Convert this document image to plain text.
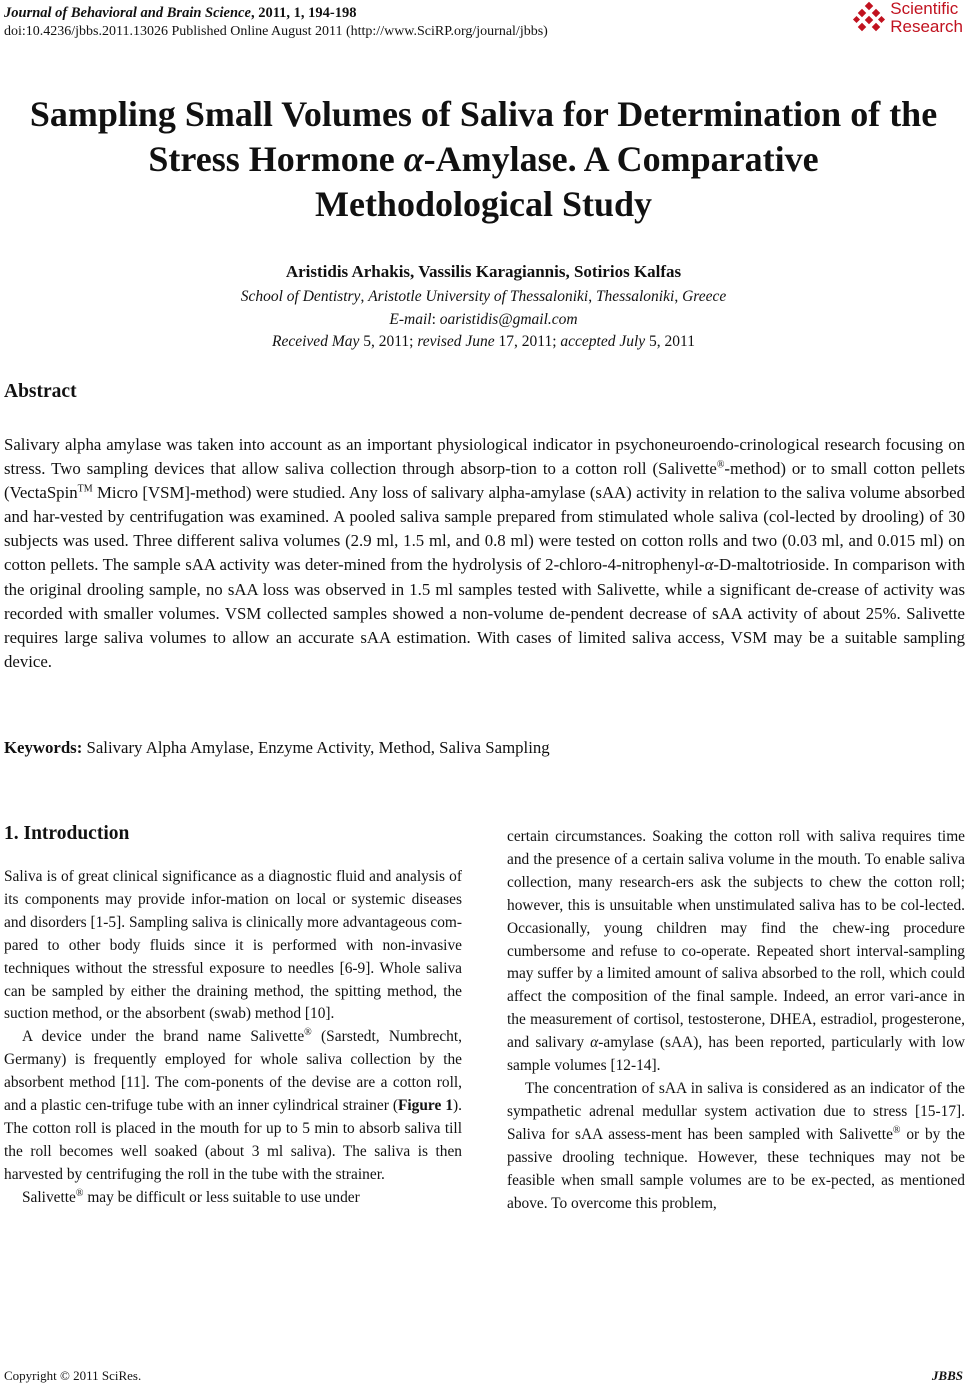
Journal of Behavioral and Brain Science, 2011, 1, 194-198

doi:10.4236/jbbs.2011.13026 Published Online August 2011 (http://www.SciRP.org/journal/jbbs)

Scientific
Research
Sampling Small Volumes of Saliva for Determination of the
Stress Hormone α-Amylase. A Comparative
Methodological Study

Aristidis Arhakis, Vassilis Karagiannis, Sotirios Kalfas

School of Dentistry, Aristotle University of Thessaloniki, Thessaloniki, Greece

E-mail: oaristidis@gmail.com

Received May 5, 2011; revised June 17, 2011; accepted July 5, 2011

Abstract

Salivary alpha amylase was taken into account as an important physiological indicator in psychoneuroendo-crinological research focusing on stress. Two sampling devices that allow saliva collection through absorp-tion to a cotton roll (Salivette®-method) or to small cotton pellets (VectaSpin™ Micro [VSM]-method) were studied. Any loss of salivary alpha-amylase (sAA) activity in relation to the saliva volume absorbed and har-vested by centrifugation was examined. A pooled saliva sample prepared from stimulated whole saliva (col-lected by drooling) of 30 subjects was used. Three different saliva volumes (2.9 ml, 1.5 ml, and 0.8 ml) were tested on cotton rolls and two (0.03 ml, and 0.015 ml) on cotton pellets. The sample sAA activity was deter-mined from the hydrolysis of 2-chloro-4-nitrophenyl-α-D-maltotrioside. In comparison with the original drooling sample, no sAA loss was observed in 1.5 ml samples tested with Salivette, while a significant de-crease of activity was recorded with smaller volumes. VSM collected samples showed a non-volume de-pendent decrease of sAA activity of about 25%. Salivette requires large saliva volumes to allow an accurate sAA estimation. With cases of limited saliva access, VSM may be a suitable sampling device.

Keywords: Salivary Alpha Amylase, Enzyme Activity, Method, Saliva Sampling

1. Introduction

Saliva is of great clinical significance as a diagnostic fluid and analysis of its components may provide infor-mation on local or systemic diseases and disorders [1-5]. Sampling saliva is clinically more advantageous com-pared to other body fluids since it is performed with non-invasive techniques without the stressful exposure to needles [6-9]. Whole saliva can be sampled by either the draining method, the spitting method, the suction method, or the absorbent (swab) method [10].

A device under the brand name Salivette® (Sarstedt, Numbrecht, Germany) is frequently employed for whole saliva collection by the absorbent method [11]. The com-ponents of the devise are a cotton roll, and a plastic cen-trifuge tube with an inner cylindrical strainer (Figure 1). The cotton roll is placed in the mouth for up to 5 min to absorb saliva till the roll becomes well soaked (about 3 ml saliva). The saliva is then harvested by centrifuging the roll in the tube with the strainer.

Salivette® may be difficult or less suitable to use under

certain circumstances. Soaking the cotton roll with saliva requires time and the presence of a certain saliva volume in the mouth. To enable saliva collection, many research-ers ask the subjects to chew the cotton roll; however, this is unsuitable when unstimulated saliva has to be col-lected. Occasionally, young children may find the chew-ing procedure cumbersome and refuse to co-operate. Repeated short interval-sampling may suffer by a limited amount of saliva absorbed to the roll, which could affect the composition of the final sample. Indeed, an error vari-ance in the measurement of cortisol, testosterone, DHEA, estradiol, progesterone, and salivary α-amylase (sAA), has been reported, particularly with low sample volumes [12-14].

The concentration of sAA in saliva is considered as an indicator of the sympathetic adrenal medullar system activation due to stress [15-17]. Saliva for sAA assess-ment has been sampled with Salivette® or by the passive drooling technique. However, these techniques may not be feasible when small sample volumes are to be ex-pected, as mentioned above. To overcome this problem,

Copyright © 2011 SciRes.	JBBS
